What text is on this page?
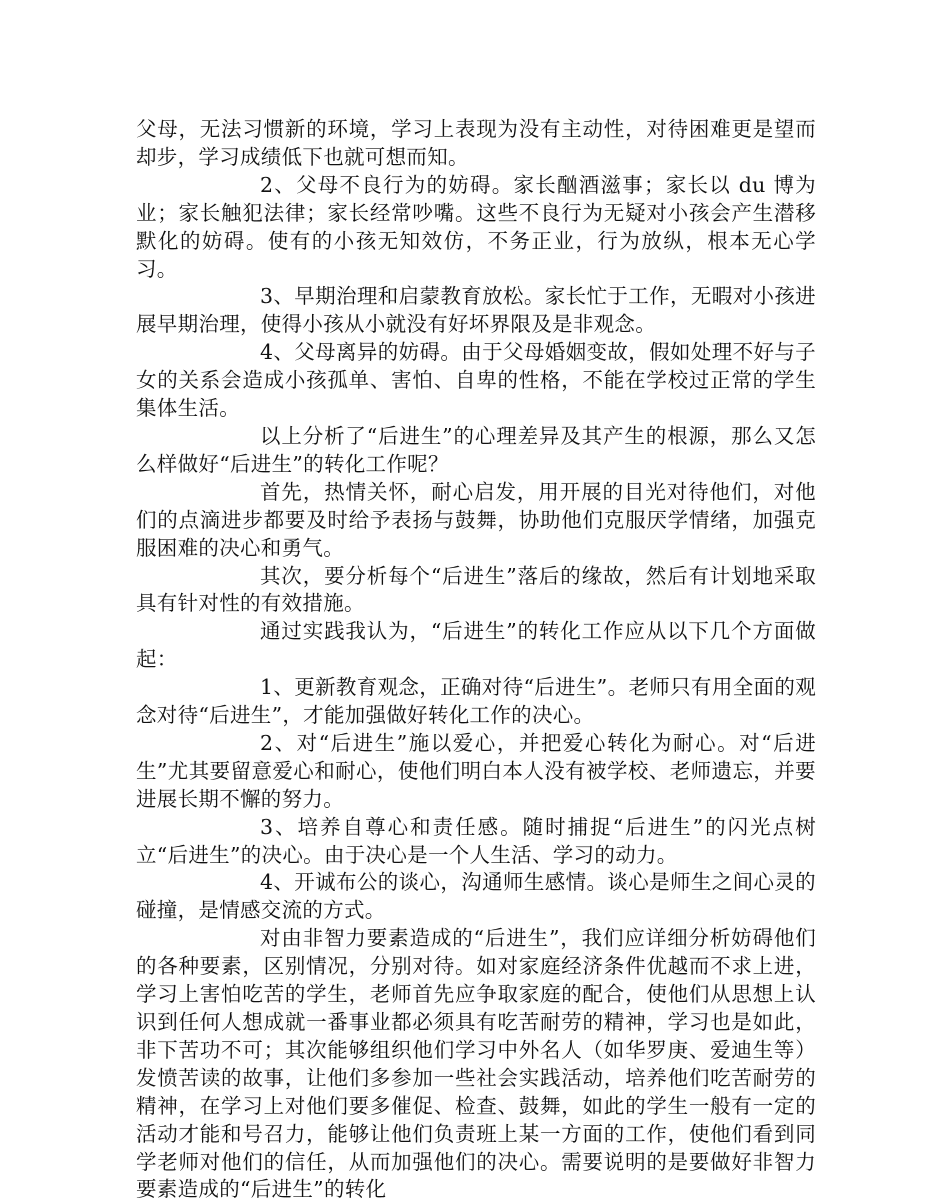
父母，无法习惯新的环境，学习上表现为没有主动性，对待困难更是望而却步，学习成绩低下也就可想而知。

2、父母不良行为的妨碍。家长酗酒滋事；家长以 du 博为业；家长触犯法律；家长经常吵嘴。这些不良行为无疑对小孩会产生潜移默化的妨碍。使有的小孩无知效仿，不务正业，行为放纵，根本无心学习。

3、早期治理和启蒙教育放松。家长忙于工作，无暇对小孩进展早期治理，使得小孩从小就没有好坏界限及是非观念。

4、父母离异的妨碍。由于父母婚姻变故，假如处理不好与子女的关系会造成小孩孤单、害怕、自卑的性格，不能在学校过正常的学生集体生活。

以上分析了“后进生”的心理差异及其产生的根源，那么又怎么样做好“后进生”的转化工作呢？

首先，热情关怀，耐心启发，用开展的目光对待他们，对他们的点滴进步都要及时给予表扬与鼓舞，协助他们克服厌学情绪，加强克服困难的决心和勇气。

其次，要分析每个“后进生”落后的缘故，然后有计划地采取具有针对性的有效措施。

通过实践我认为，“后进生”的转化工作应从以下几个方面做起：

1、更新教育观念，正确对待“后进生”。老师只有用全面的观念对待“后进生”，才能加强做好转化工作的决心。

2、对“后进生”施以爱心，并把爱心转化为耐心。对“后进生”尤其要留意爱心和耐心，使他们明白本人没有被学校、老师遗忘，并要进展长期不懈的努力。

3、培养自尊心和责任感。随时捕捉“后进生”的闪光点树立“后进生”的决心。由于决心是一个人生活、学习的动力。

4、开诚布公的谈心，沟通师生感情。谈心是师生之间心灵的碰撞，是情感交流的方式。

对由非智力要素造成的“后进生”，我们应详细分析妨碍他们的各种要素，区别情况，分别对待。如对家庭经济条件优越而不求上进，学习上害怕吃苦的学生，老师首先应争取家庭的配合，使他们从思想上认识到任何人想成就一番事业都必须具有吃苦耐劳的精神，学习也是如此，非下苦功不可；其次能够组织他们学习中外名人（如华罗庚、爱迪生等）发愤苦读的故事，让他们多参加一些社会实践活动，培养他们吃苦耐劳的精神，在学习上对他们要多催促、检查、鼓舞，如此的学生一般有一定的活动才能和号召力，能够让他们负责班上某一方面的工作，使他们看到同学老师对他们的信任，从而加强他们的决心。需要说明的是要做好非智力要素造成的“后进生”的转化
